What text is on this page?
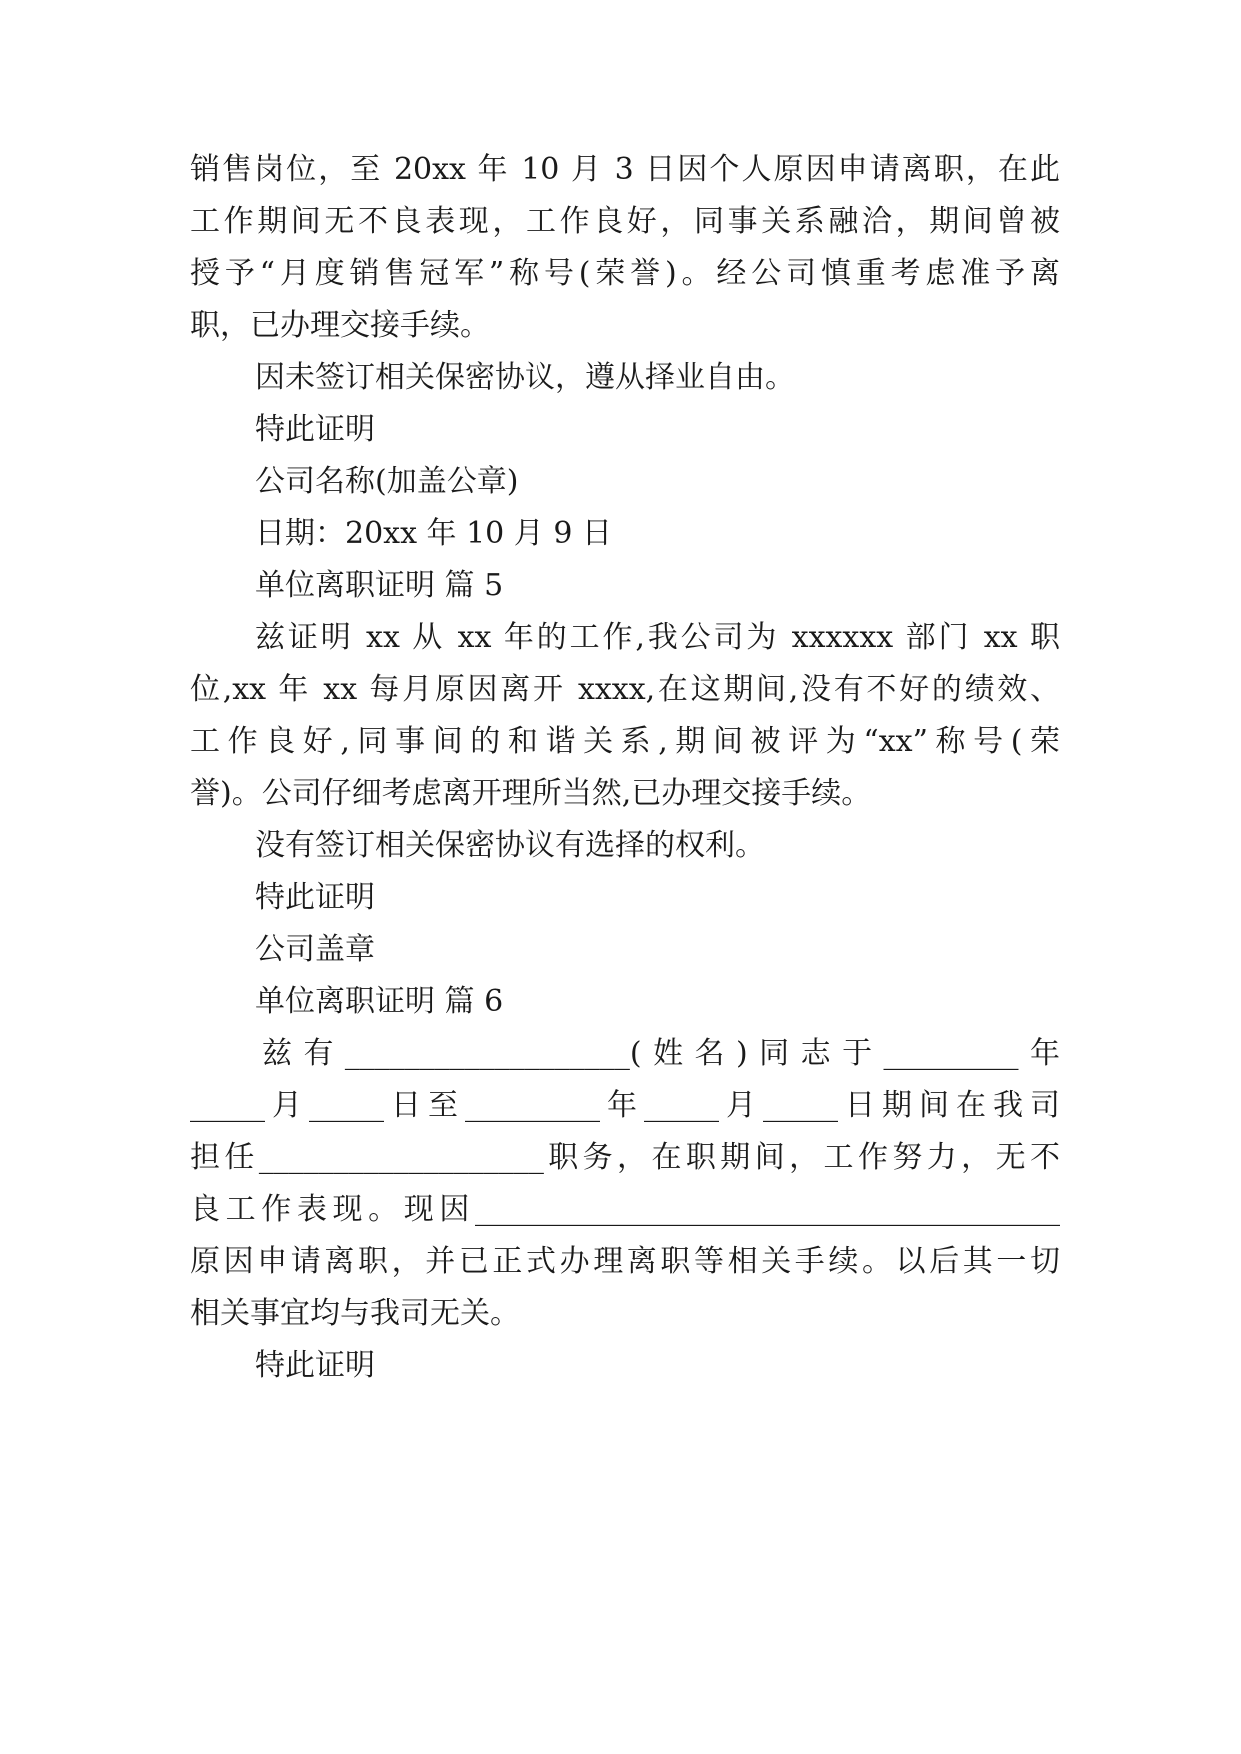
销售岗位，至 20xx 年 10 月 3 日因个人原因申请离职，在此
工作期间无不良表现，工作良好，同事关系融洽，期间曾被
授予“月度销售冠军”称号(荣誉)。经公司慎重考虑准予离
职，已办理交接手续。
因未签订相关保密协议，遵从择业自由。
特此证明
公司名称(加盖公章)
日期：20xx 年 10 月 9 日
单位离职证明 篇 5
兹证明 xx 从 xx 年的工作,我公司为 xxxxxx 部门 xx 职
位,xx 年 xx 每月原因离开 xxxx,在这期间,没有不好的绩效、
工作良好,同事间的和谐关系,期间被评为“xx”称号(荣
誉)。公司仔细考虑离开理所当然,已办理交接手续。
没有签订相关保密协议有选择的权利。
特此证明
公司盖章
单位离职证明 篇 6
兹有___________________(姓名)同志于_________年
_____月_____日至_________年_____月_____日期间在我司
担任___________________职务，在职期间，工作努力，无不
良工作表现。现因_______________________________________
原因申请离职，并已正式办理离职等相关手续。以后其一切
相关事宜均与我司无关。
特此证明
